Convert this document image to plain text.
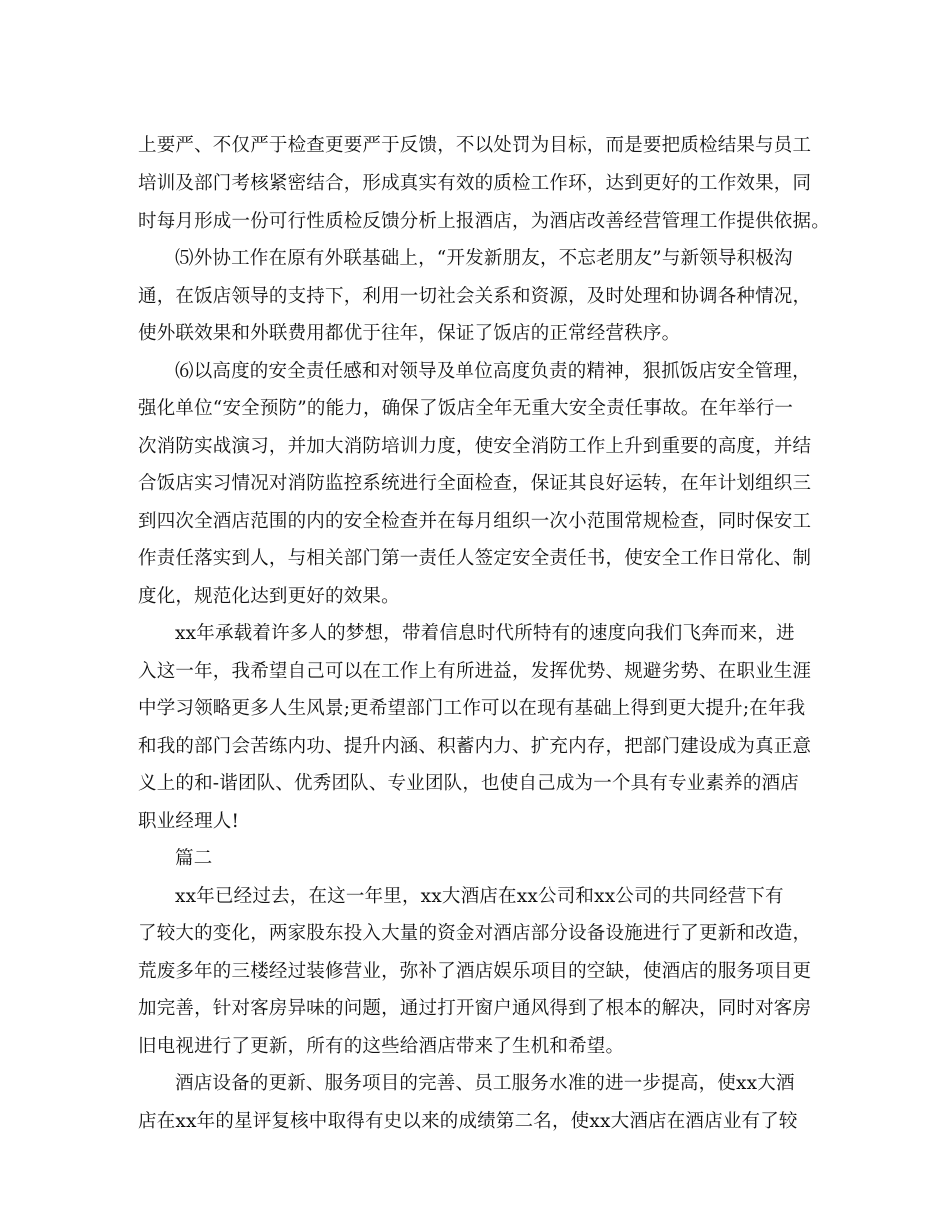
上要严、不仅严于检查更要严于反馈，不以处罚为目标，而是要把质检结果与员工
培训及部门考核紧密结合，形成真实有效的质检工作环，达到更好的工作效果，同
时每月形成一份可行性质检反馈分析上报酒店，为酒店改善经营管理工作提供依据。
⑸外协工作在原有外联基础上，“开发新朋友，不忘老朋友”与新领导积极沟
通，在饭店领导的支持下，利用一切社会关系和资源，及时处理和协调各种情况，
使外联效果和外联费用都优于往年，保证了饭店的正常经营秩序。
⑹以高度的安全责任感和对领导及单位高度负责的精神，狠抓饭店安全管理，
强化单位“安全预防”的能力，确保了饭店全年无重大安全责任事故。在年举行一
次消防实战演习，并加大消防培训力度，使安全消防工作上升到重要的高度，并结
合饭店实习情况对消防监控系统进行全面检查，保证其良好运转，在年计划组织三
到四次全酒店范围的内的安全检查并在每月组织一次小范围常规检查，同时保安工
作责任落实到人，与相关部门第一责任人签定安全责任书，使安全工作日常化、制
度化，规范化达到更好的效果。
xx年承载着许多人的梦想，带着信息时代所特有的速度向我们飞奔而来，进
入这一年，我希望自己可以在工作上有所进益，发挥优势、规避劣势、在职业生涯
中学习领略更多人生风景;更希望部门工作可以在现有基础上得到更大提升;在年我
和我的部门会苦练内功、提升内涵、积蓄内力、扩充内存，把部门建设成为真正意
义上的和-谐团队、优秀团队、专业团队，也使自己成为一个具有专业素养的酒店
职业经理人!
篇二
xx年已经过去，在这一年里，xx大酒店在xx公司和xx公司的共同经营下有
了较大的变化，两家股东投入大量的资金对酒店部分设备设施进行了更新和改造，
荒废多年的三楼经过装修营业，弥补了酒店娱乐项目的空缺，使酒店的服务项目更
加完善，针对客房异味的问题，通过打开窗户通风得到了根本的解决，同时对客房
旧电视进行了更新，所有的这些给酒店带来了生机和希望。
酒店设备的更新、服务项目的完善、员工服务水准的进一步提高，使xx大酒
店在xx年的星评复核中取得有史以来的成绩第二名，使xx大酒店在酒店业有了较
